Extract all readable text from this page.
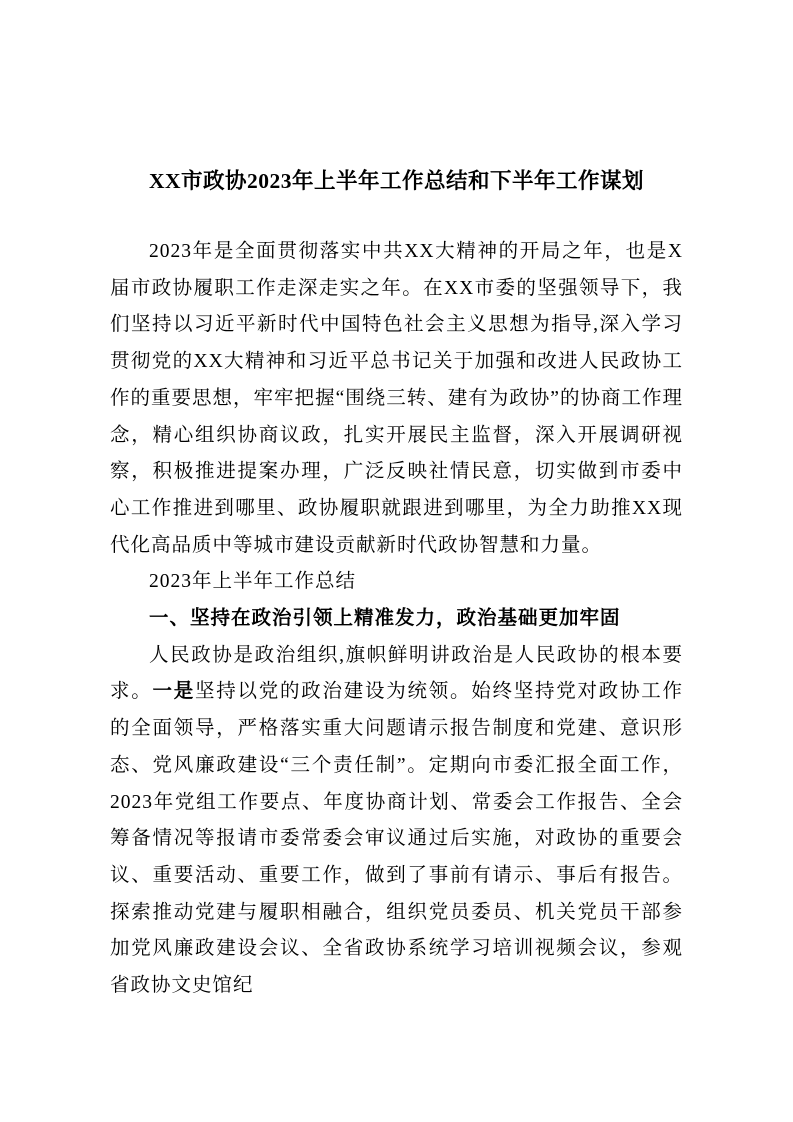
XX市政协2023年上半年工作总结和下半年工作谋划

2023年是全面贯彻落实中共XX大精神的开局之年，也是X届市政协履职工作走深走实之年。在XX市委的坚强领导下，我们坚持以习近平新时代中国特色社会主义思想为指导,深入学习贯彻党的XX大精神和习近平总书记关于加强和改进人民政协工作的重要思想，牢牢把握“围绕三转、建有为政协”的协商工作理念，精心组织协商议政，扎实开展民主监督，深入开展调研视察，积极推进提案办理，广泛反映社情民意，切实做到市委中心工作推进到哪里、政协履职就跟进到哪里，为全力助推XX现代化高品质中等城市建设贡献新时代政协智慧和力量。

2023年上半年工作总结

一、坚持在政治引领上精准发力，政治基础更加牢固

人民政协是政治组织,旗帜鲜明讲政治是人民政协的根本要求。一是坚持以党的政治建设为统领。始终坚持党对政协工作的全面领导，严格落实重大问题请示报告制度和党建、意识形态、党风廉政建设“三个责任制”。定期向市委汇报全面工作，2023年党组工作要点、年度协商计划、常委会工作报告、全会筹备情况等报请市委常委会审议通过后实施，对政协的重要会议、重要活动、重要工作，做到了事前有请示、事后有报告。探索推动党建与履职相融合，组织党员委员、机关党员干部参加党风廉政建设会议、全省政协系统学习培训视频会议，参观省政协文史馆纪
